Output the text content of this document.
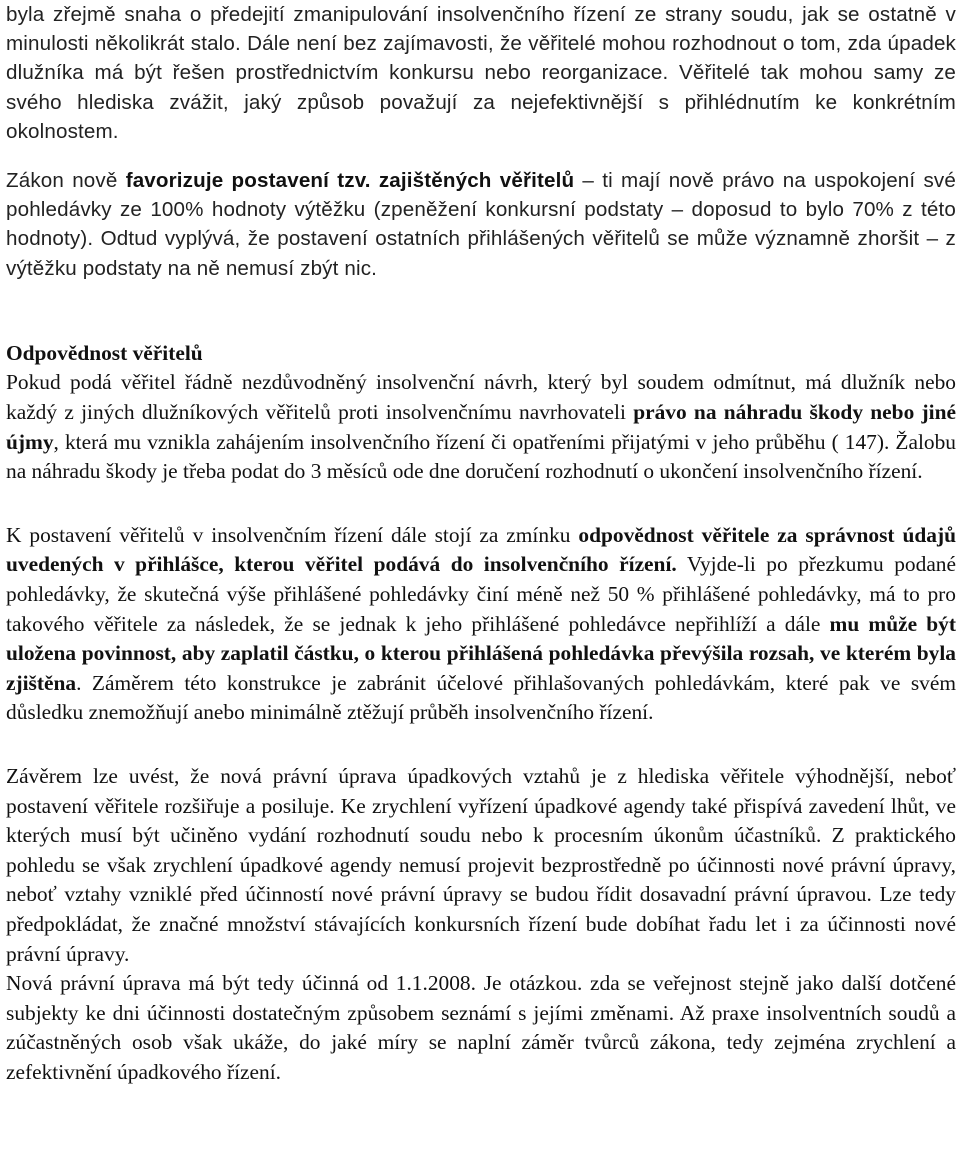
byla zřejmě snaha o předejití zmanipulování insolvenčního řízení ze strany soudu, jak se ostatně v minulosti několikrát stalo. Dále není bez zajímavosti, že věřitelé mohou rozhodnout o tom, zda úpadek dlužníka má být řešen prostřednictvím konkursu nebo reorganizace. Věřitelé tak mohou samy ze svého hlediska zvážit, jaký způsob považují za nejefektivnější s přihlédnutím ke konkrétním okolnostem.

Zákon nově favorizuje postavení tzv. zajištěných věřitelů – ti mají nově právo na uspokojení své pohledávky ze 100% hodnoty výtěžku (zpeněžení konkursní podstaty – doposud to bylo 70% z této hodnoty). Odtud vyplývá, že postavení ostatních přihlášených věřitelů se může významně zhoršit – z výtěžku podstaty na ně nemusí zbýt nic.

Odpovědnost věřitelů

Pokud podá věřitel řádně nezdůvodněný insolvenční návrh, který byl soudem odmítnut, má dlužník nebo každý z jiných dlužníkových věřitelů proti insolvenčnímu navrhovateli právo na náhradu škody nebo jiné újmy, která mu vznikla zahájením insolvenčního řízení či opatřeními přijatými v jeho průběhu ( 147). Žalobu na náhradu škody je třeba podat do 3 měsíců ode dne doručení rozhodnutí o ukončení insolvenčního řízení.

K postavení věřitelů v insolvenčním řízení dále stojí za zmínku odpovědnost věřitele za správnost údajů uvedených v přihlášce, kterou věřitel podává do insolvenčního řízení. Vyjde-li po přezkumu podané pohledávky, že skutečná výše přihlášené pohledávky činí méně než 50 % přihlášené pohledávky, má to pro takového věřitele za následek, že se jednak k jeho přihlášené pohledávce nepřihlíží a dále mu může být uložena povinnost, aby zaplatil částku, o kterou přihlášená pohledávka převýšila rozsah, ve kterém byla zjištěna. Záměrem této konstrukce je zabránit účelové přihlašovaných pohledávkám, které pak ve svém důsledku znemožňují anebo minimálně ztěžují průběh insolvenčního řízení.

Závěrem lze uvést, že nová právní úprava úpadkových vztahů je z hlediska věřitele výhodnější, neboť postavení věřitele rozšiřuje a posiluje. Ke zrychlení vyřízení úpadkové agendy také přispívá zavedení lhůt, ve kterých musí být učiněno vydání rozhodnutí soudu nebo k procesním úkonům účastníků. Z praktického pohledu se však zrychlení úpadkové agendy nemusí projevit bezprostředně po účinnosti nové právní úpravy, neboť vztahy vzniklé před účinností nové právní úpravy se budou řídit dosavadní právní úpravou. Lze tedy předpokládat, že značné množství stávajících konkursních řízení bude dobíhat řadu let i za účinnosti nové právní úpravy.

Nová právní úprava má být tedy účinná od 1.1.2008. Je otázkou. zda se veřejnost stejně jako další dotčené subjekty ke dni účinnosti dostatečným způsobem seznámí s jejími změnami. Až praxe insolventních soudů a zúčastněných osob však ukáže, do jaké míry se naplní záměr tvůrců zákona, tedy zejména zrychlení a zefektivnění úpadkového řízení.
